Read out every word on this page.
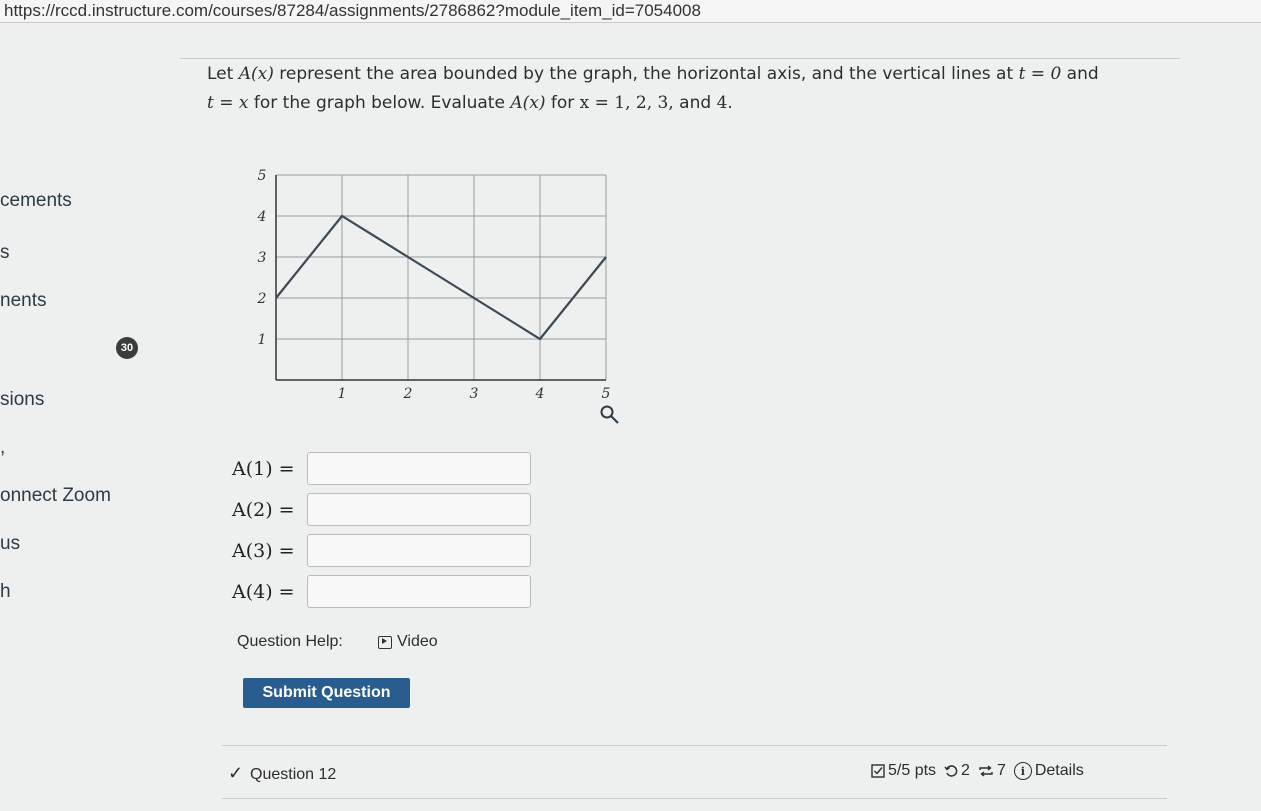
https://rccd.instructure.com/courses/87284/assignments/2786862?module_item_id=7054008
cements
s
nents
30
sions
,
onnect Zoom
us
h
Let A(x) represent the area bounded by the graph, the horizontal axis, and the vertical lines at t = 0 and
t = x for the graph below. Evaluate A(x) for x = 1, 2, 3, and 4.
1	2	3	4	5
1
2
3
4
5
A(1) =
A(2) =
A(3) =
A(4) =
Question Help:	Video
Submit Question
✓ Question 12	5/5 pts 2 7	i Details
